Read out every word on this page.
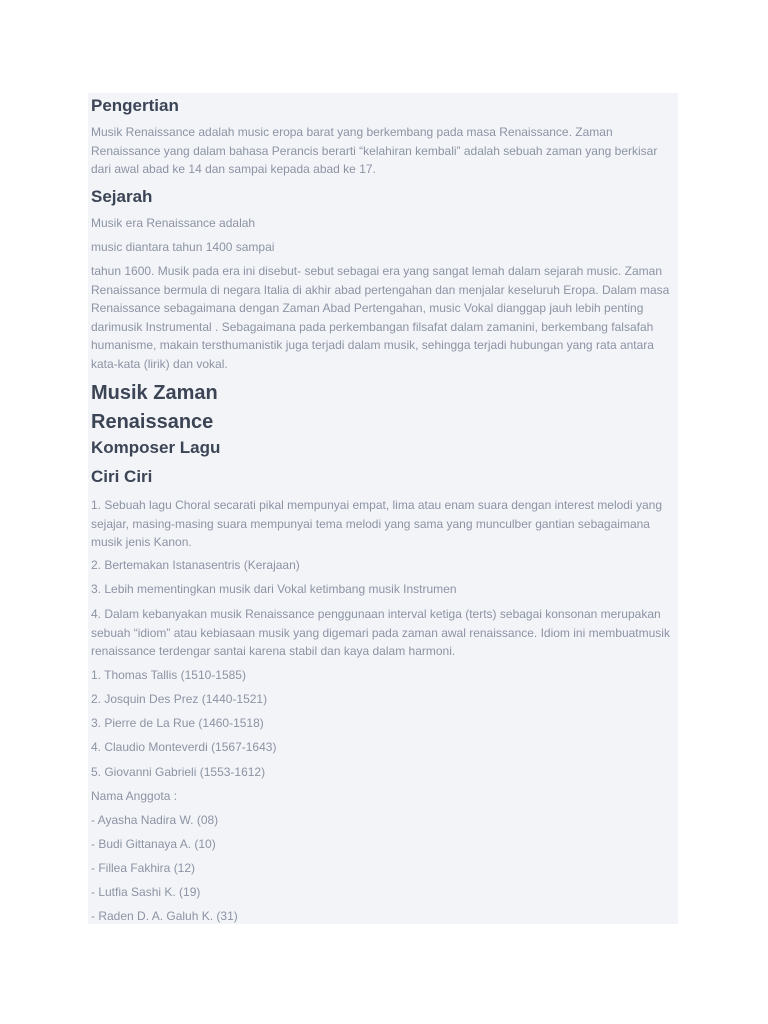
Pengertian

Musik Renaissance adalah music eropa barat yang berkembang pada masa Renaissance. Zaman Renaissance yang dalam bahasa Perancis berarti “kelahiran kembali” adalah sebuah zaman yang berkisar dari awal abad ke 14 dan sampai kepada abad ke 17.

Sejarah

Musik era Renaissance adalah

music diantara tahun 1400 sampai

tahun 1600. Musik pada era ini disebut- sebut sebagai era yang sangat lemah dalam sejarah music. Zaman Renaissance bermula di negara Italia di akhir abad pertengahan dan menjalar keseluruh Eropa. Dalam masa Renaissance sebagaimana dengan Zaman Abad Pertengahan, music Vokal dianggap jauh lebih penting darimusik Instrumental . Sebagaimana pada perkembangan filsafat dalam zamanini, berkembang falsafah humanisme, makain tersthumanistik juga terjadi dalam musik, sehingga terjadi hubungan yang rata antara kata-kata (lirik) dan vokal.

Musik Zaman
Renaissance
Komposer Lagu
Ciri Ciri

1. Sebuah lagu Choral secarati pikal mempunyai empat, lima atau enam suara dengan interest melodi yang sejajar, masing-masing suara mempunyai tema melodi yang sama yang munculber gantian sebagaimana musik jenis Kanon.

2. Bertemakan Istanasentris (Kerajaan)

3. Lebih mementingkan musik dari Vokal ketimbang musik Instrumen

4. Dalam kebanyakan musik Renaissance penggunaan interval ketiga (terts) sebagai konsonan merupakan sebuah “idiom” atau kebiasaan musik yang digemari pada zaman awal renaissance. Idiom ini membuatmusik renaissance terdengar santai karena stabil dan kaya dalam harmoni.

1. Thomas Tallis (1510-1585)

2. Josquin Des Prez (1440-1521)

3. Pierre de La Rue (1460-1518)

4. Claudio Monteverdi (1567-1643)

5. Giovanni Gabrieli (1553-1612)

Nama Anggota :

- Ayasha Nadira W. (08)

- Budi Gittanaya A. (10)

- Fillea Fakhira (12)

- Lutfia Sashi K. (19)

- Raden D. A. Galuh K. (31)
